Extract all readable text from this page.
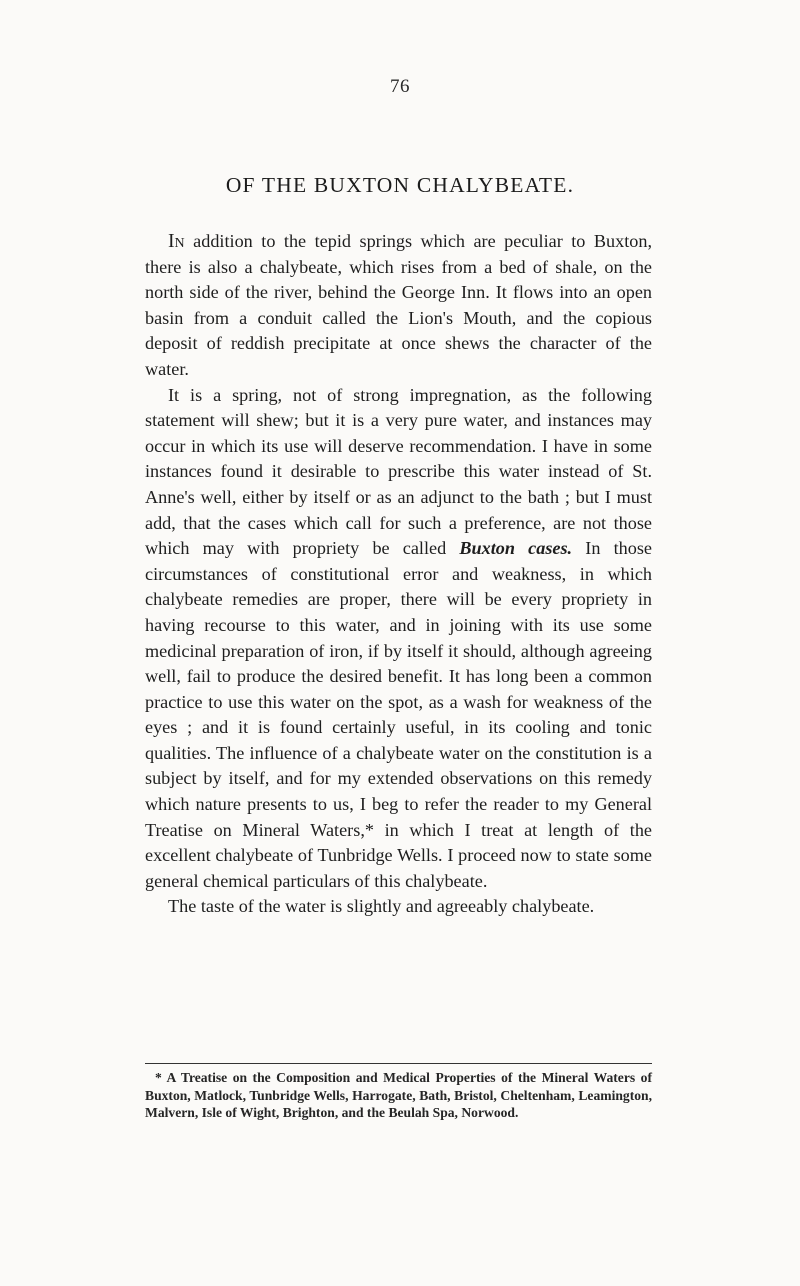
76
OF THE BUXTON CHALYBEATE.

In addition to the tepid springs which are peculiar to Buxton, there is also a chalybeate, which rises from a bed of shale, on the north side of the river, behind the George Inn. It flows into an open basin from a conduit called the Lion's Mouth, and the copious deposit of reddish precipitate at once shews the character of the water.

It is a spring, not of strong impregnation, as the following statement will shew; but it is a very pure water, and instances may occur in which its use will deserve recommendation. I have in some instances found it desirable to prescribe this water instead of St. Anne's well, either by itself or as an adjunct to the bath ; but I must add, that the cases which call for such a preference, are not those which may with propriety be called Buxton cases. In those circumstances of constitutional error and weakness, in which chalybeate remedies are proper, there will be every propriety in having recourse to this water, and in joining with its use some medicinal preparation of iron, if by itself it should, although agreeing well, fail to produce the desired benefit. It has long been a common practice to use this water on the spot, as a wash for weakness of the eyes ; and it is found certainly useful, in its cooling and tonic qualities. The influence of a chalybeate water on the constitution is a subject by itself, and for my extended observations on this remedy which nature presents to us, I beg to refer the reader to my General Treatise on Mineral Waters,* in which I treat at length of the excellent chalybeate of Tunbridge Wells. I proceed now to state some general chemical particulars of this chalybeate.

The taste of the water is slightly and agreeably chalybeate.

* A Treatise on the Composition and Medical Properties of the Mineral Waters of Buxton, Matlock, Tunbridge Wells, Harrogate, Bath, Bristol, Cheltenham, Leamington, Malvern, Isle of Wight, Brighton, and the Beulah Spa, Norwood.
